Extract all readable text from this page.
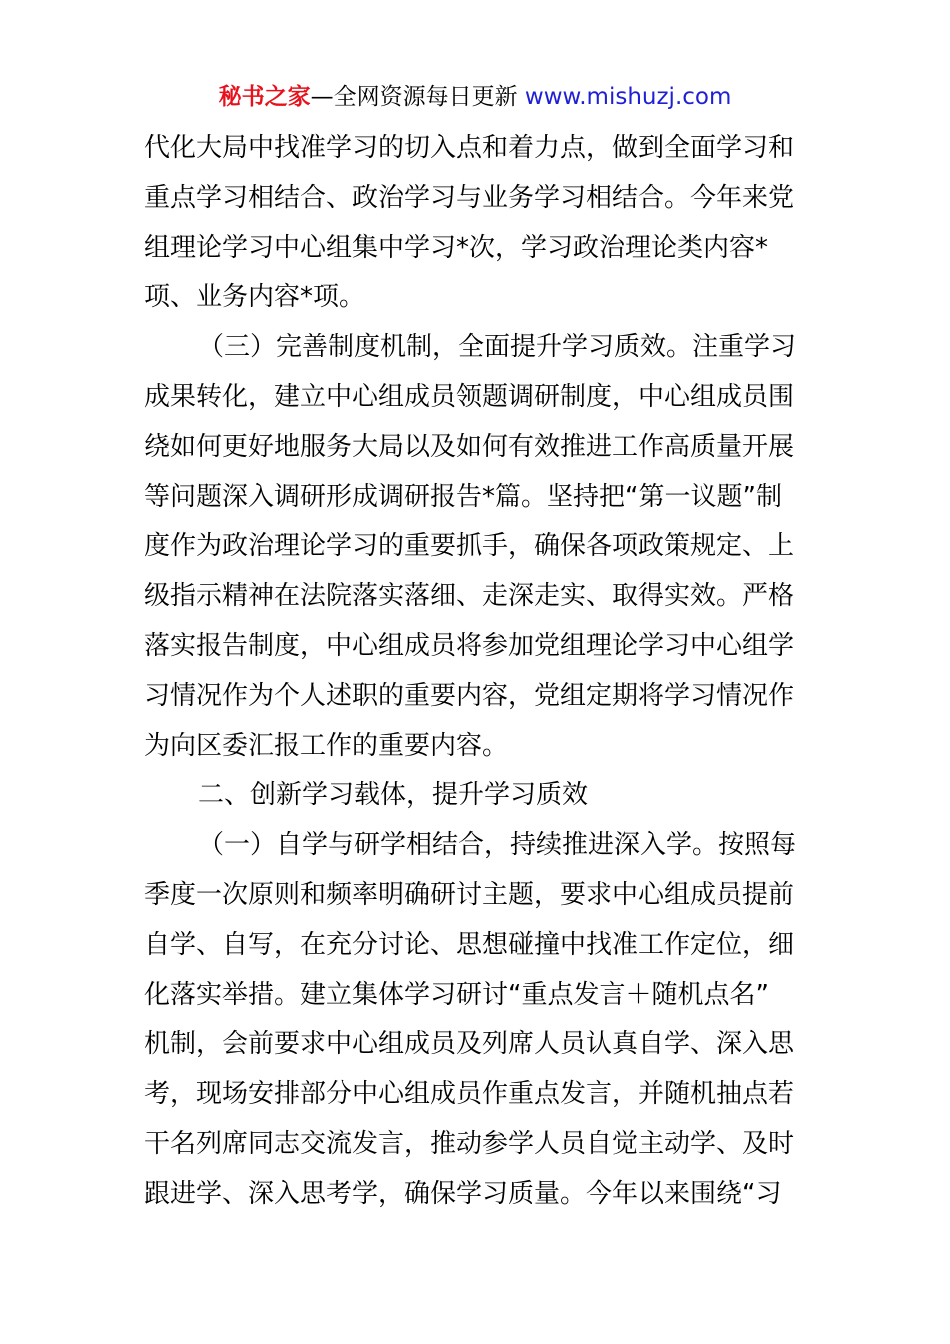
秘书之家—全网资源每日更新 www.mishuzj.com
代化大局中找准学习的切入点和着力点，做到全面学习和
重点学习相结合、政治学习与业务学习相结合。今年来党
组理论学习中心组集中学习*次，学习政治理论类内容*
项、业务内容*项。
（三）完善制度机制，全面提升学习质效。注重学习
成果转化，建立中心组成员领题调研制度，中心组成员围
绕如何更好地服务大局以及如何有效推进工作高质量开展
等问题深入调研形成调研报告*篇。坚持把“第一议题”制
度作为政治理论学习的重要抓手，确保各项政策规定、上
级指示精神在法院落实落细、走深走实、取得实效。严格
落实报告制度，中心组成员将参加党组理论学习中心组学
习情况作为个人述职的重要内容，党组定期将学习情况作
为向区委汇报工作的重要内容。
二、创新学习载体，提升学习质效
（一）自学与研学相结合，持续推进深入学。按照每
季度一次原则和频率明确研讨主题，要求中心组成员提前
自学、自写，在充分讨论、思想碰撞中找准工作定位，细
化落实举措。建立集体学习研讨“重点发言＋随机点名”
机制，会前要求中心组成员及列席人员认真自学、深入思
考，现场安排部分中心组成员作重点发言，并随机抽点若
干名列席同志交流发言，推动参学人员自觉主动学、及时
跟进学、深入思考学，确保学习质量。今年以来围绕“习
